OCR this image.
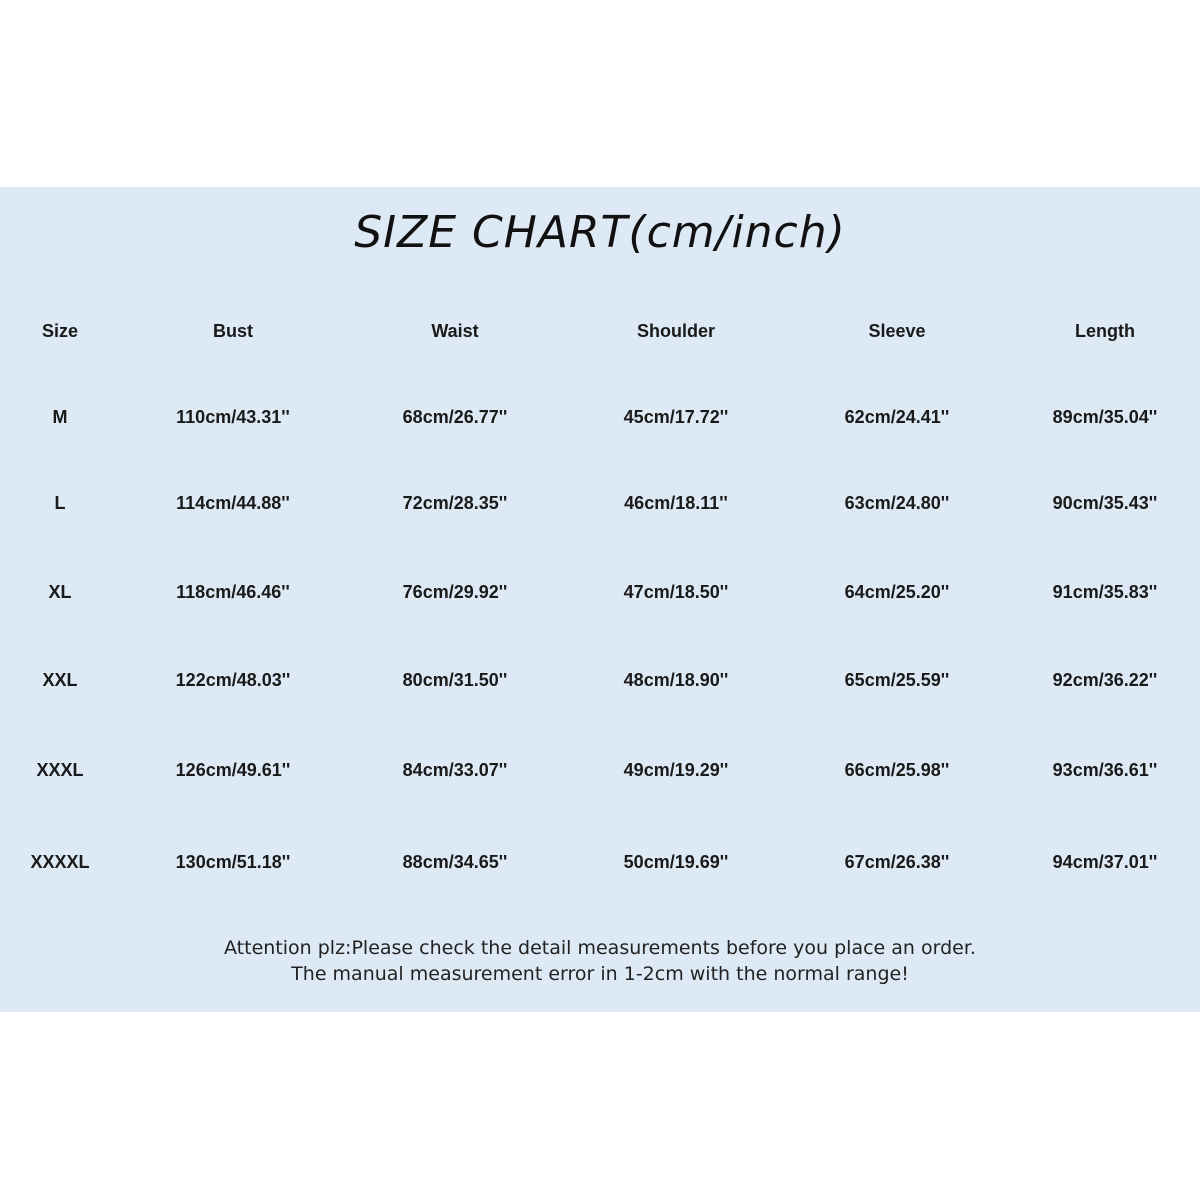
SIZE CHART(cm/inch)
Size	Bust	Waist	Shoulder	Sleeve	Length
M	110cm/43.31''	68cm/26.77''	45cm/17.72''	62cm/24.41''	89cm/35.04''
L	114cm/44.88''	72cm/28.35''	46cm/18.11''	63cm/24.80''	90cm/35.43''
XL	118cm/46.46''	76cm/29.92''	47cm/18.50''	64cm/25.20''	91cm/35.83''
XXL	122cm/48.03''	80cm/31.50''	48cm/18.90''	65cm/25.59''	92cm/36.22''
XXXL	126cm/49.61''	84cm/33.07''	49cm/19.29''	66cm/25.98''	93cm/36.61''
XXXXL	130cm/51.18''	88cm/34.65''	50cm/19.69''	67cm/26.38''	94cm/37.01''
Attention plz:Please check the detail measurements before you place an order.
The manual measurement error in 1-2cm with the normal range!
